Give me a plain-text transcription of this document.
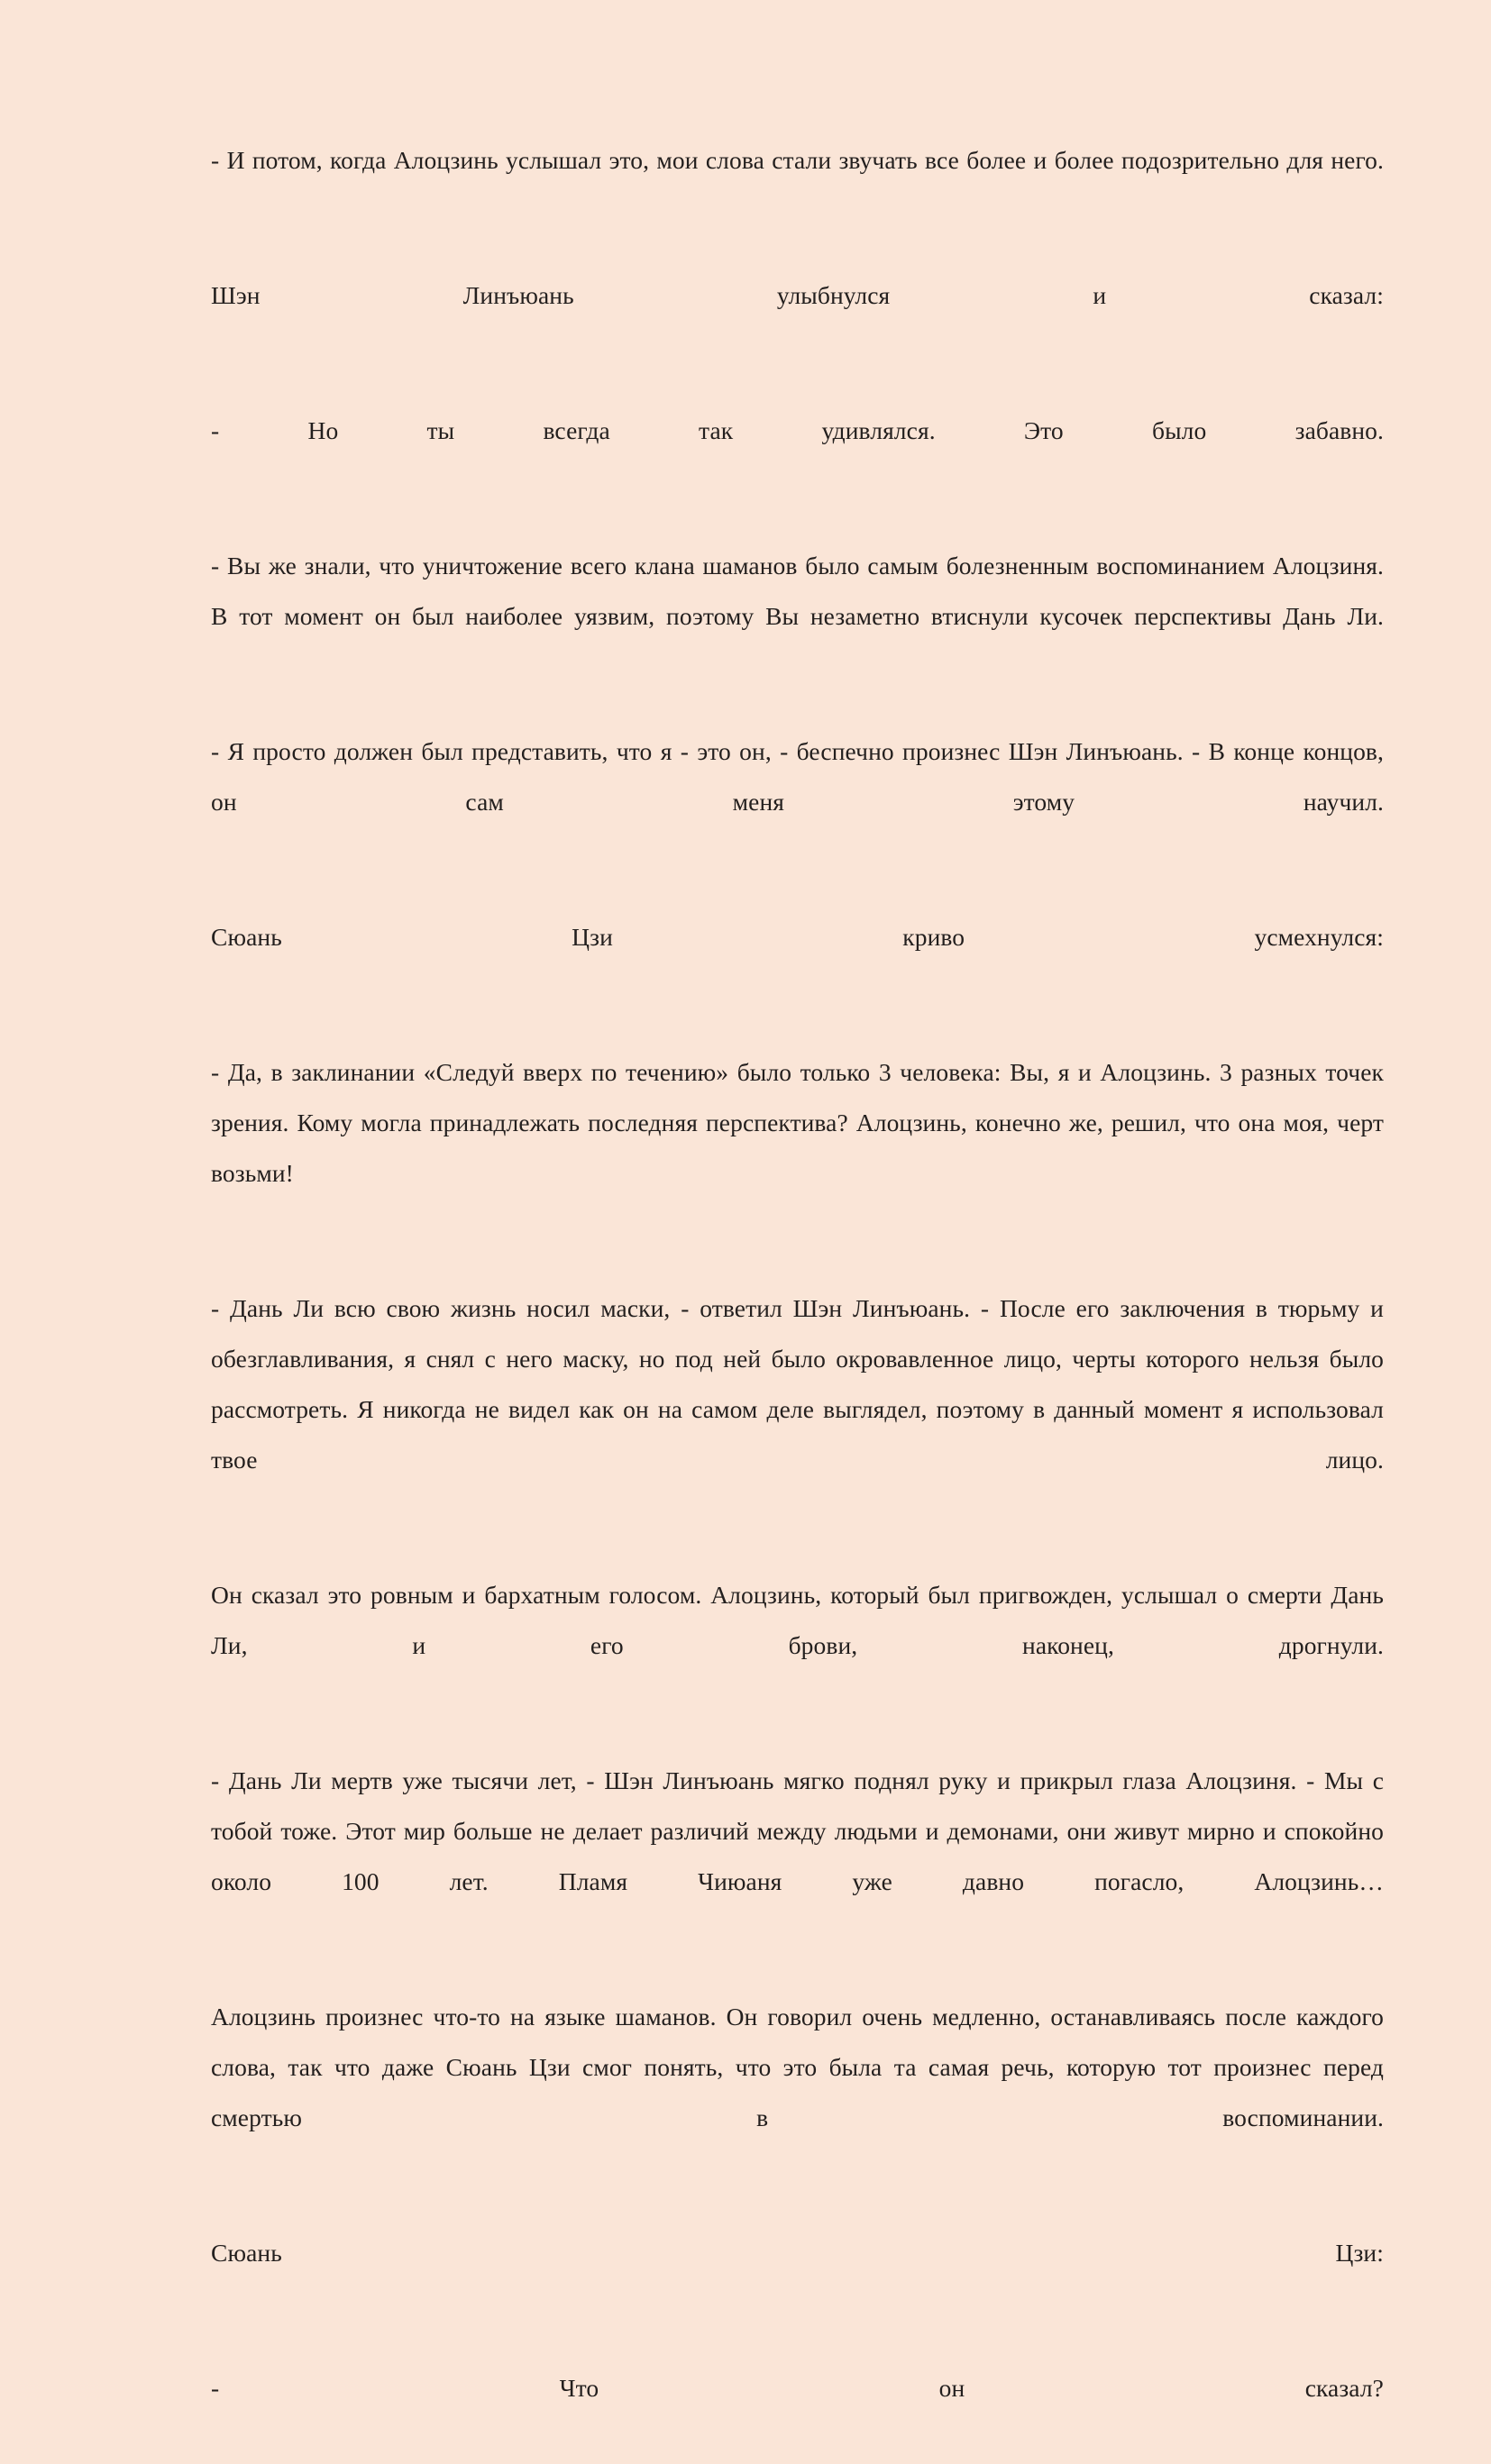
- И потом, когда Алоцзинь услышал это, мои слова стали звучать все более и более подозрительно для него.

Шэн Линъюань улыбнулся и сказал:

- Но ты всегда так удивлялся. Это было забавно.

- Вы же знали, что уничтожение всего клана шаманов было самым болезненным воспоминанием Алоцзиня. В тот момент он был наиболее уязвим, поэтому Вы незаметно втиснули кусочек перспективы Дань Ли.

- Я просто должен был представить, что я - это он, - беспечно произнес Шэн Линъюань. - В конце концов, он сам меня этому научил.

Сюань Цзи криво усмехнулся:

- Да, в заклинании «Следуй вверх по течению» было только 3 человека: Вы, я и Алоцзинь. 3 разных точек зрения. Кому могла принадлежать последняя перспектива? Алоцзинь, конечно же, решил, что она моя, черт возьми!

- Дань Ли всю свою жизнь носил маски, - ответил Шэн Линъюань. - После его заключения в тюрьму и обезглавливания, я снял с него маску, но под ней было окровавленное лицо, черты которого нельзя было рассмотреть. Я никогда не видел как он на самом деле выглядел, поэтому в данный момент я использовал твое лицо.

Он сказал это ровным и бархатным голосом. Алоцзинь, который был пригвожден, услышал о смерти Дань Ли, и его брови, наконец, дрогнули.

- Дань Ли мертв уже тысячи лет, - Шэн Линъюань мягко поднял руку и прикрыл глаза Алоцзиня. - Мы с тобой тоже. Этот мир больше не делает различий между людьми и демонами, они живут мирно и спокойно около 100 лет. Пламя Чиюаня уже давно погасло, Алоцзинь…

Алоцзинь произнес что-то на языке шаманов. Он говорил очень медленно, останавливаясь после каждого слова, так что даже Сюань Цзи смог понять, что это была та самая речь, которую тот произнес перед смертью в воспоминании.

Сюань Цзи:

- Что он сказал?
